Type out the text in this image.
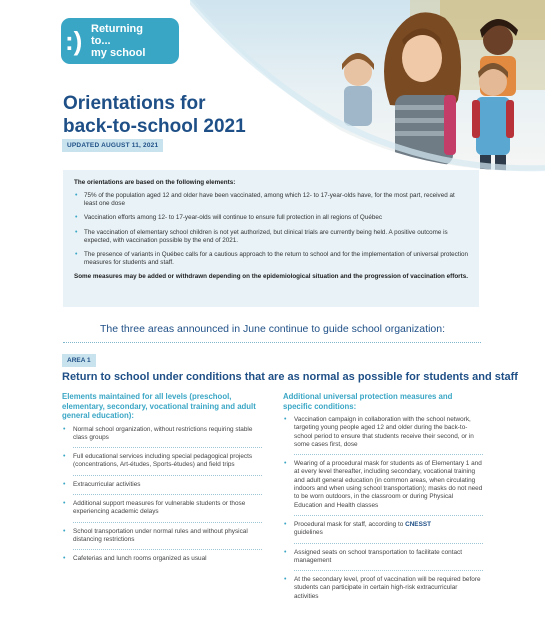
:) Returning
to...
my school
Orientations for
back-to-school 2021
UPDATED AUGUST 11, 2021
The orientations are based on the following elements:
• 75% of the population aged 12 and older have been vaccinated, among which 12- to 17-year-olds have, for the most part, received at least one dose
• Vaccination efforts among 12- to 17-year-olds will continue to ensure full protection in all regions of Québec
• The vaccination of elementary school children is not yet authorized, but clinical trials are currently being held. A positive outcome is expected, with vaccination possible by the end of 2021.
• The presence of variants in Québec calls for a cautious approach to the return to school and for the implementation of universal protection measures for students and staff.
Some measures may be added or withdrawn depending on the epidemiological situation and the progression of vaccination efforts.
The three areas announced in June continue to guide school organization:
AREA 1
Return to school under conditions that are as normal as possible for students and staff
Elements maintained for all levels (preschool, elementary, secondary, vocational training and adult general education):
• Normal school organization, without restrictions requiring stable class groups
• Full educational services including special pedagogical projects (concentrations, Art-études, Sports-études) and field trips
• Extracurricular activities
• Additional support measures for vulnerable students or those experiencing academic delays
• School transportation under normal rules and without physical distancing restrictions
• Cafeterias and lunch rooms organized as usual
Additional universal protection measures and specific conditions:
• Vaccination campaign in collaboration with the school network, targeting young people aged 12 and older during the back-to-school period to ensure that students receive their second, or in some cases first, dose
• Wearing of a procedural mask for students as of Elementary 1 and at every level thereafter, including secondary, vocational training and adult general education (in common areas, when circulating indoors and when using school transportation); masks do not need to be worn outdoors, in the classroom or during Physical Education and Health classes
• Procedural mask for staff, according to CNESST
guidelines
• Assigned seats on school transportation to facilitate contact management
• At the secondary level, proof of vaccination will be required before students can participate in certain high-risk extracurricular activities
